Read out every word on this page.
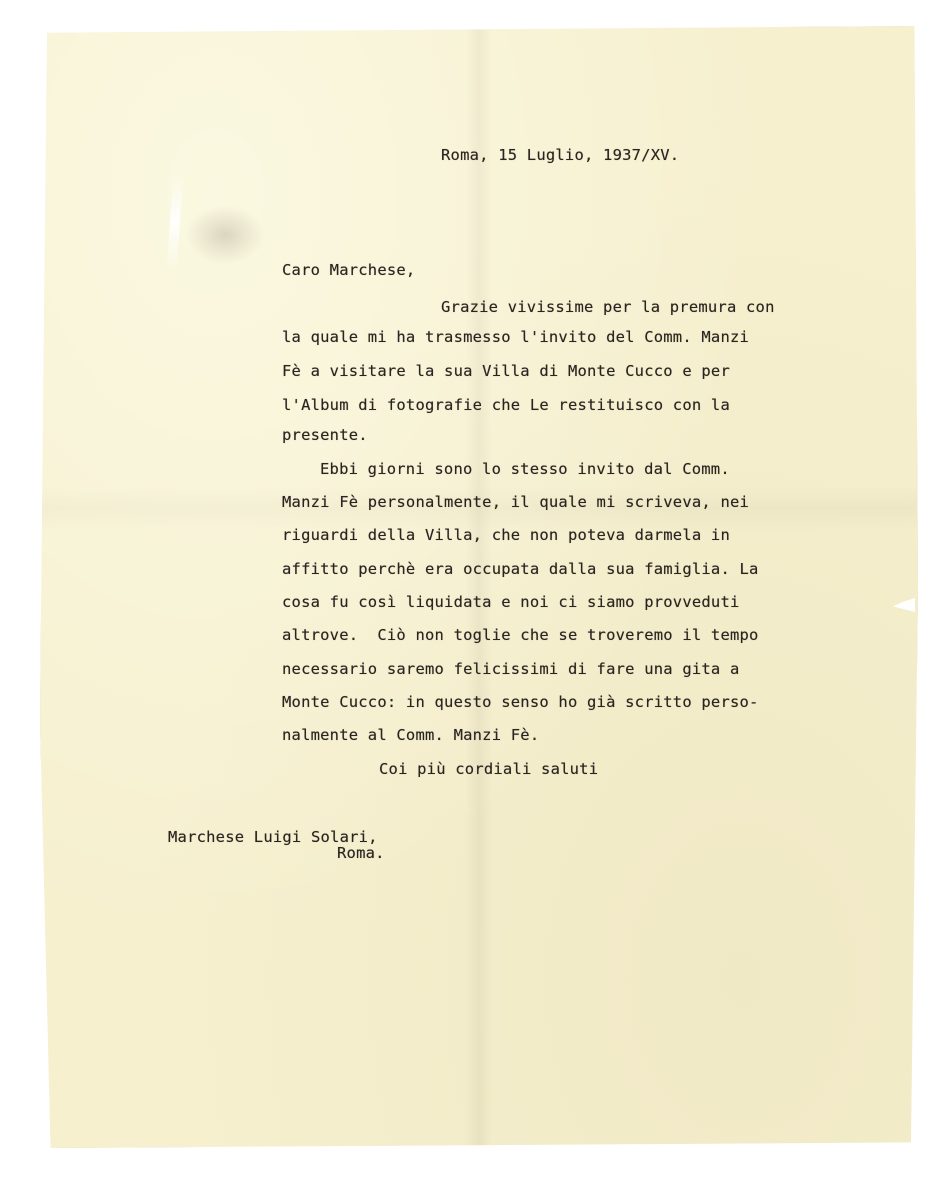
Roma, 15 Luglio, 1937/XV.
Caro Marchese,
Grazie vivissime per la premura con
la quale mi ha trasmesso l'invito del Comm. Manzi
Fè a visitare la sua Villa di Monte Cucco e per
l'Album di fotografie che Le restituisco con la
presente.
Ebbi giorni sono lo stesso invito dal Comm.
Manzi Fè personalmente, il quale mi scriveva, nei
riguardi della Villa, che non poteva darmela in
affitto perchè era occupata dalla sua famiglia. La
cosa fu così liquidata e noi ci siamo provveduti
altrove.  Ciò non toglie che se troveremo il tempo
necessario saremo felicissimi di fare una gita a
Monte Cucco: in questo senso ho già scritto perso-
nalmente al Comm. Manzi Fè.
Coi più cordiali saluti
Marchese Luigi Solari,
Roma.
